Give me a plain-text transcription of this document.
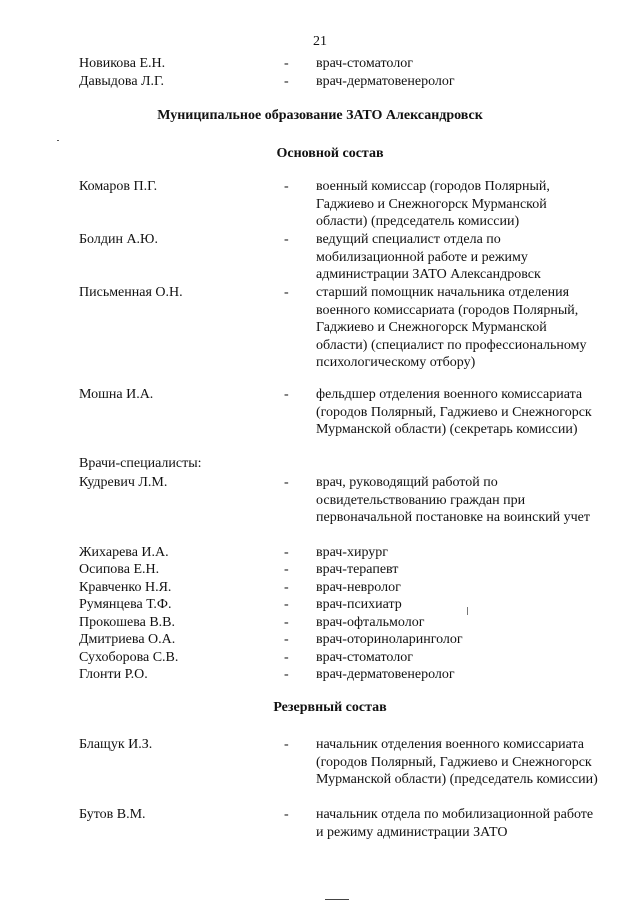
21
Новикова Е.Н.	- врач-стоматолог
Давыдова Л.Г.	- врач-дерматовенеролог
Муниципальное образование ЗАТО Александровск
Основной состав
Комаров П.Г.	- военный комиссар (городов Полярный, Гаджиево и Снежногорск Мурманской области) (председатель комиссии)
Болдин А.Ю.	- ведущий специалист отдела по мобилизационной работе и режиму администрации ЗАТО Александровск
Письменная О.Н.	- старший помощник начальника отделения военного комиссариата (городов Полярный, Гаджиево и Снежногорск Мурманской области) (специалист по профессиональному психологическому отбору)
Мошна И.А.	- фельдшер отделения военного комиссариата (городов Полярный, Гаджиево и Снежногорск Мурманской области) (секретарь комиссии)
Врачи-специалисты:
Кудревич Л.М.	- врач, руководящий работой по освидетельствованию граждан при первоначальной постановке на воинский учет
Жихарева И.А.	- врач-хирург
Осипова Е.Н.	- врач-терапевт
Кравченко Н.Я.	- врач-невролог
Румянцева Т.Ф.	- врач-психиатр
Прокошева В.В.	- врач-офтальмолог
Дмитриева О.А.	- врач-оториноларинголог
Сухоборова С.В.	- врач-стоматолог
Глонти Р.О.	- врач-дерматовенеролог
Резервный состав
Блащук И.З.	- начальник отделения военного комиссариата (городов Полярный, Гаджиево и Снежногорск Мурманской области) (председатель комиссии)
Бутов В.М.	- начальник отдела по мобилизационной работе и режиму администрации ЗАТО
